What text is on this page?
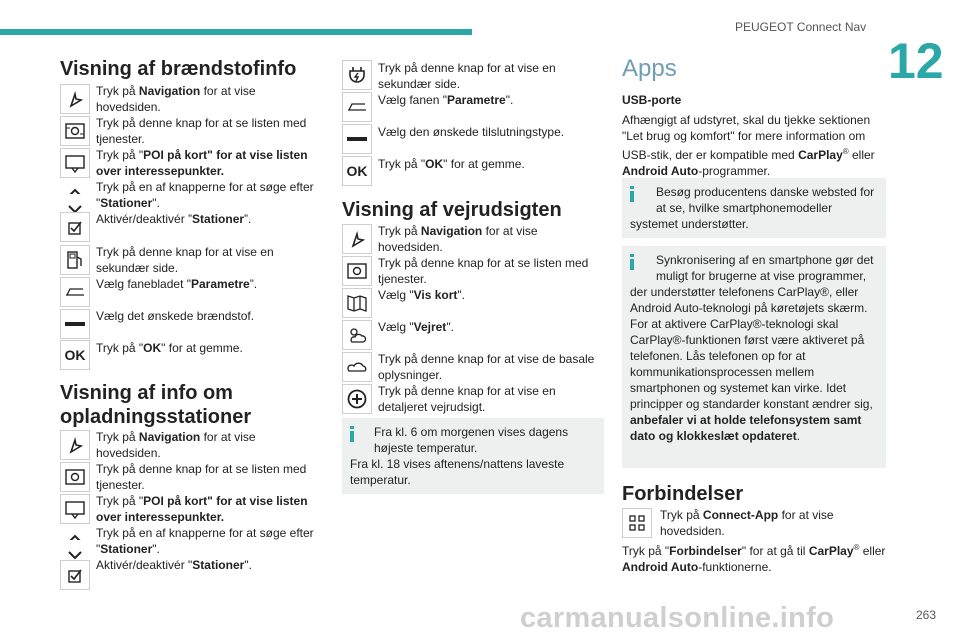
PEUGEOT Connect Nav
12
carmanualsonline.info	263
Visning af brændstofinfo
OK
Tryk på Navigation for at vise hovedsiden.
Tryk på denne knap for at se listen med tjenester.
Tryk på "POI på kort" for at vise listen over interessepunkter.
Tryk på en af knapperne for at søge efter "Stationer".
Aktivér/deaktivér ”Stationer”.
Tryk på denne knap for at vise en sekundær side.
Vælg fanebladet "Parametre”.
Vælg det ønskede brændstof.
Tryk på "OK" for at gemme.
Visning af info om
opladningsstationer
Tryk på Navigation for at vise hovedsiden.
Tryk på denne knap for at se listen med tjenester.
Tryk på "POI på kort" for at vise listen over interessepunkter.
Tryk på en af knapperne for at søge efter "Stationer".
Aktivér/deaktivér "Stationer".
OK
Tryk på denne knap for at vise en sekundær side.
Vælg fanen "Parametre".
Vælg den ønskede tilslutningstype.
Tryk på "OK" for at gemme.
Visning af vejrudsigten
Tryk på Navigation for at vise hovedsiden.
Tryk på denne knap for at se listen med tjenester.
Vælg "Vis kort".
Vælg "Vejret".
Tryk på denne knap for at vise de basale oplysninger.
Tryk på denne knap for at vise en detaljeret vejrudsigt.
Fra kl. 6 om morgenen vises dagens
højeste temperatur.
Fra kl. 18 vises aftenens/nattens laveste temperatur.
Apps
USB-porte
Afhængigt af udstyret, skal du tjekke sektionen "Let brug og komfort" for mere information om USB-stik, der er kompatible med CarPlay® eller Android Auto-programmer.
Besøg producentens danske websted for
at se, hvilke smartphonemodeller
systemet understøtter.
Synkronisering af en smartphone gør det
muligt for brugerne at vise programmer,
der understøtter telefonens CarPlay®, eller Android Auto-teknologi på køretøjets skærm. For at aktivere CarPlay®-teknologi skal CarPlay®-funktionen først være aktiveret på telefonen. Lås telefonen op for at kommunikationsprocessen mellem smartphonen og systemet kan virke. Idet principper og standarder konstant ændrer sig, anbefaler vi at holde telefonsystem samt dato og klokkeslæt opdateret.
Forbindelser
Tryk på Connect-App for at vise hovedsiden.
Tryk på "Forbindelser" for at gå til CarPlay® eller Android Auto-funktionerne.
